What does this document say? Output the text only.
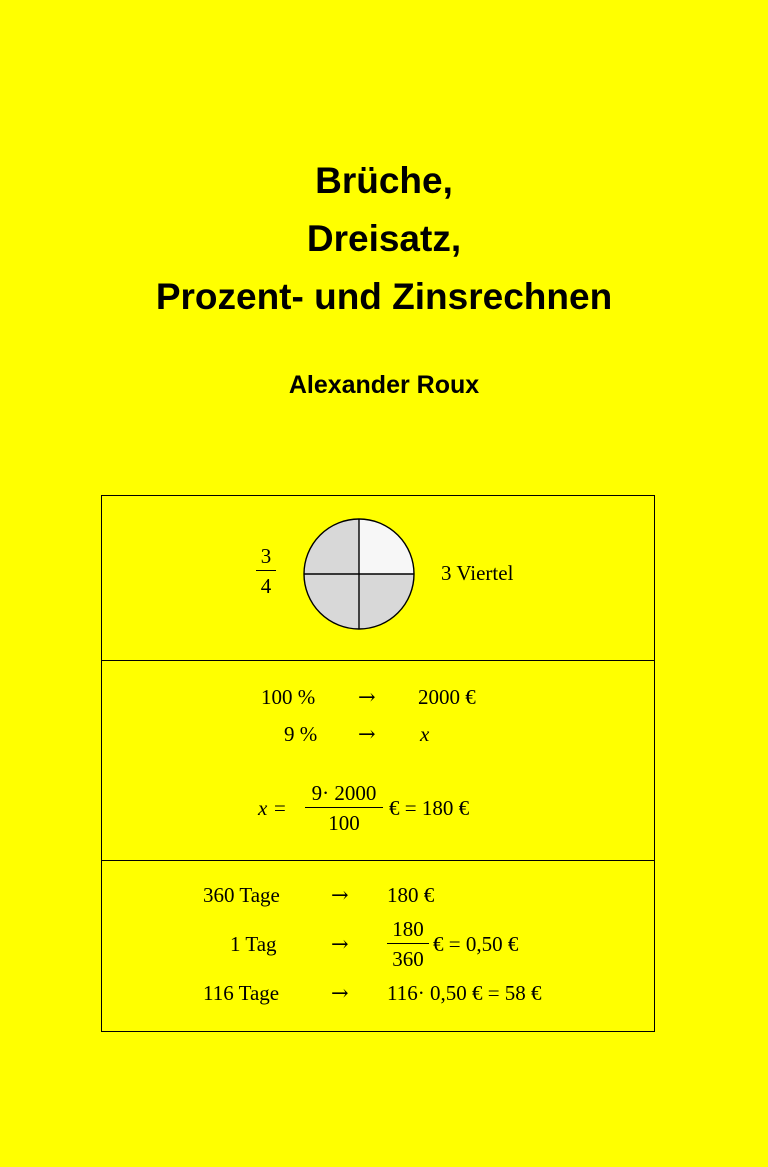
Brüche,
Dreisatz,
Prozent- und Zinsrechnen
Alexander Roux
3
4
3 Viertel
100 % → 2000 €
9 % → x
x =
9· 2000
100
€ = 180 €
360 Tage → 180 €
1 Tag	→
180
360
€ = 0,50 €
116 Tage → 116· 0,50 € = 58 €
